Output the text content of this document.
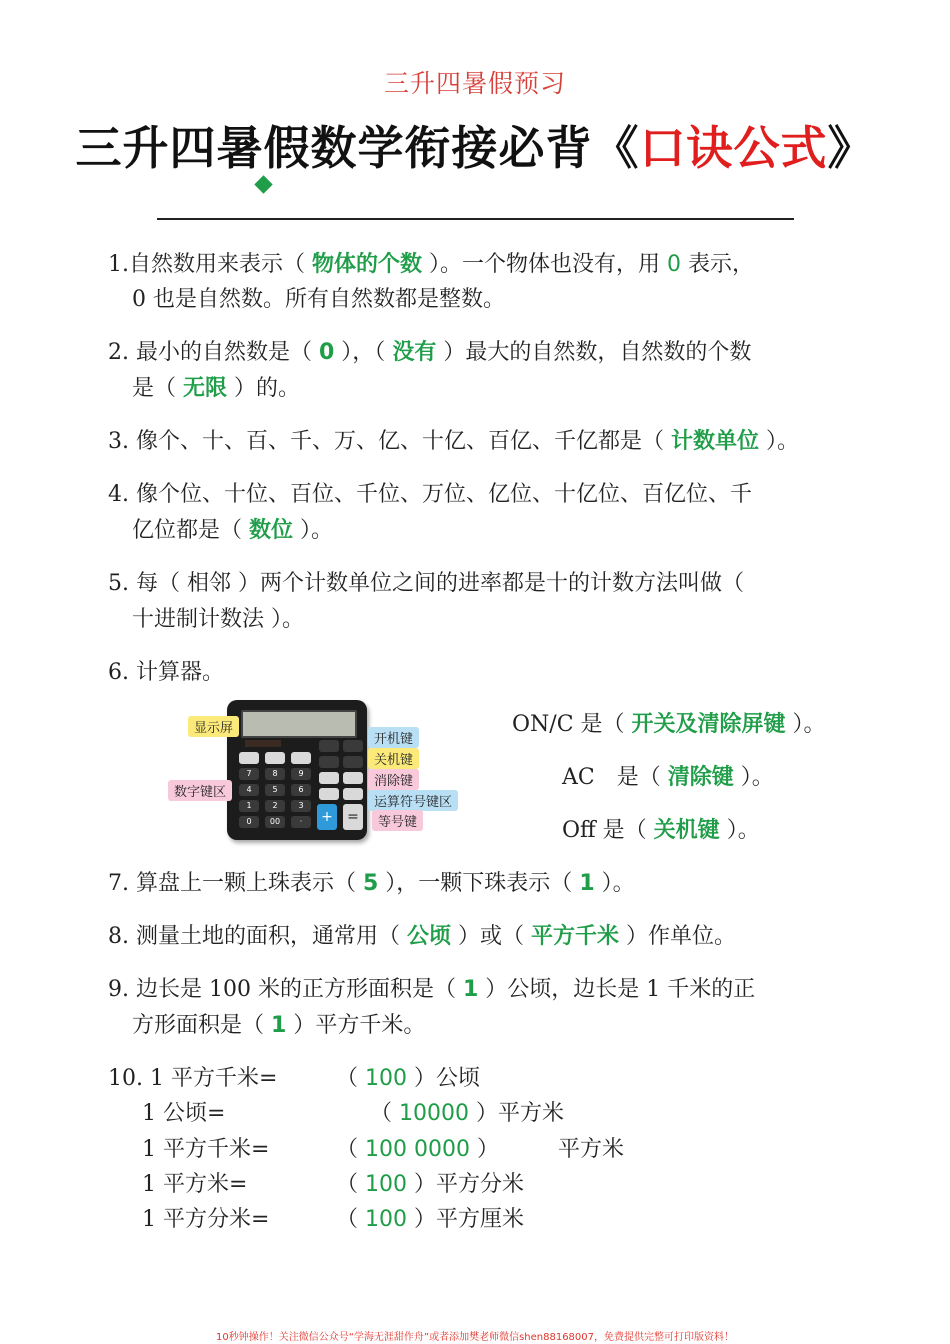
三升四暑假预习
三升四暑假数学衔接必背《口诀公式》
1.自然数用来表示（ 物体的个数 ）。一个物体也没有，用 0 表示，
0 也是自然数。所有自然数都是整数。
2. 最小的自然数是（ 0 ），（ 没有 ）最大的自然数，自然数的个数
是（ 无限 ）的。
3. 像个、十、百、千、万、亿、十亿、百亿、千亿都是（ 计数单位 ）。
4. 像个位、十位、百位、千位、万位、亿位、十亿位、百亿位、千
亿位都是（ 数位 ）。
5. 每（ 相邻 ）两个计数单位之间的进率都是十的计数方法叫做（
十进制计数法 ）。
6. 计算器。
7	8	9
4	5	6
1	2	3
0	00	·	+ =
显示屏
开机键
关机键
消除键
运算符号键区
等号键
数字键区
ON/C 是（ 开关及清除屏键 ）。
AC　是（ 清除键 ）。
Off 是（ 关机键 ）。
7. 算盘上一颗上珠表示（ 5 ），一颗下珠表示（ 1 ）。
8. 测量土地的面积，通常用（ 公顷 ）或（ 平方千米 ）作单位。
9. 边长是 100 米的正方形面积是（ 1 ）公顷，边长是 1 千米的正
方形面积是（ 1 ）平方千米。
10. 1 平方千米=	（ 100 ）公顷
1 公顷=	（ 10000 ）平方米
1 平方千米=	（ 100 0000 ）	平方米
1 平方米=	（ 100 ）平方分米
1 平方分米=	（ 100 ）平方厘米
10秒钟操作！关注微信公众号“学海无涯甜作舟”或者添加樊老师微信shen88168007，免费提供完整可打印版资料！
